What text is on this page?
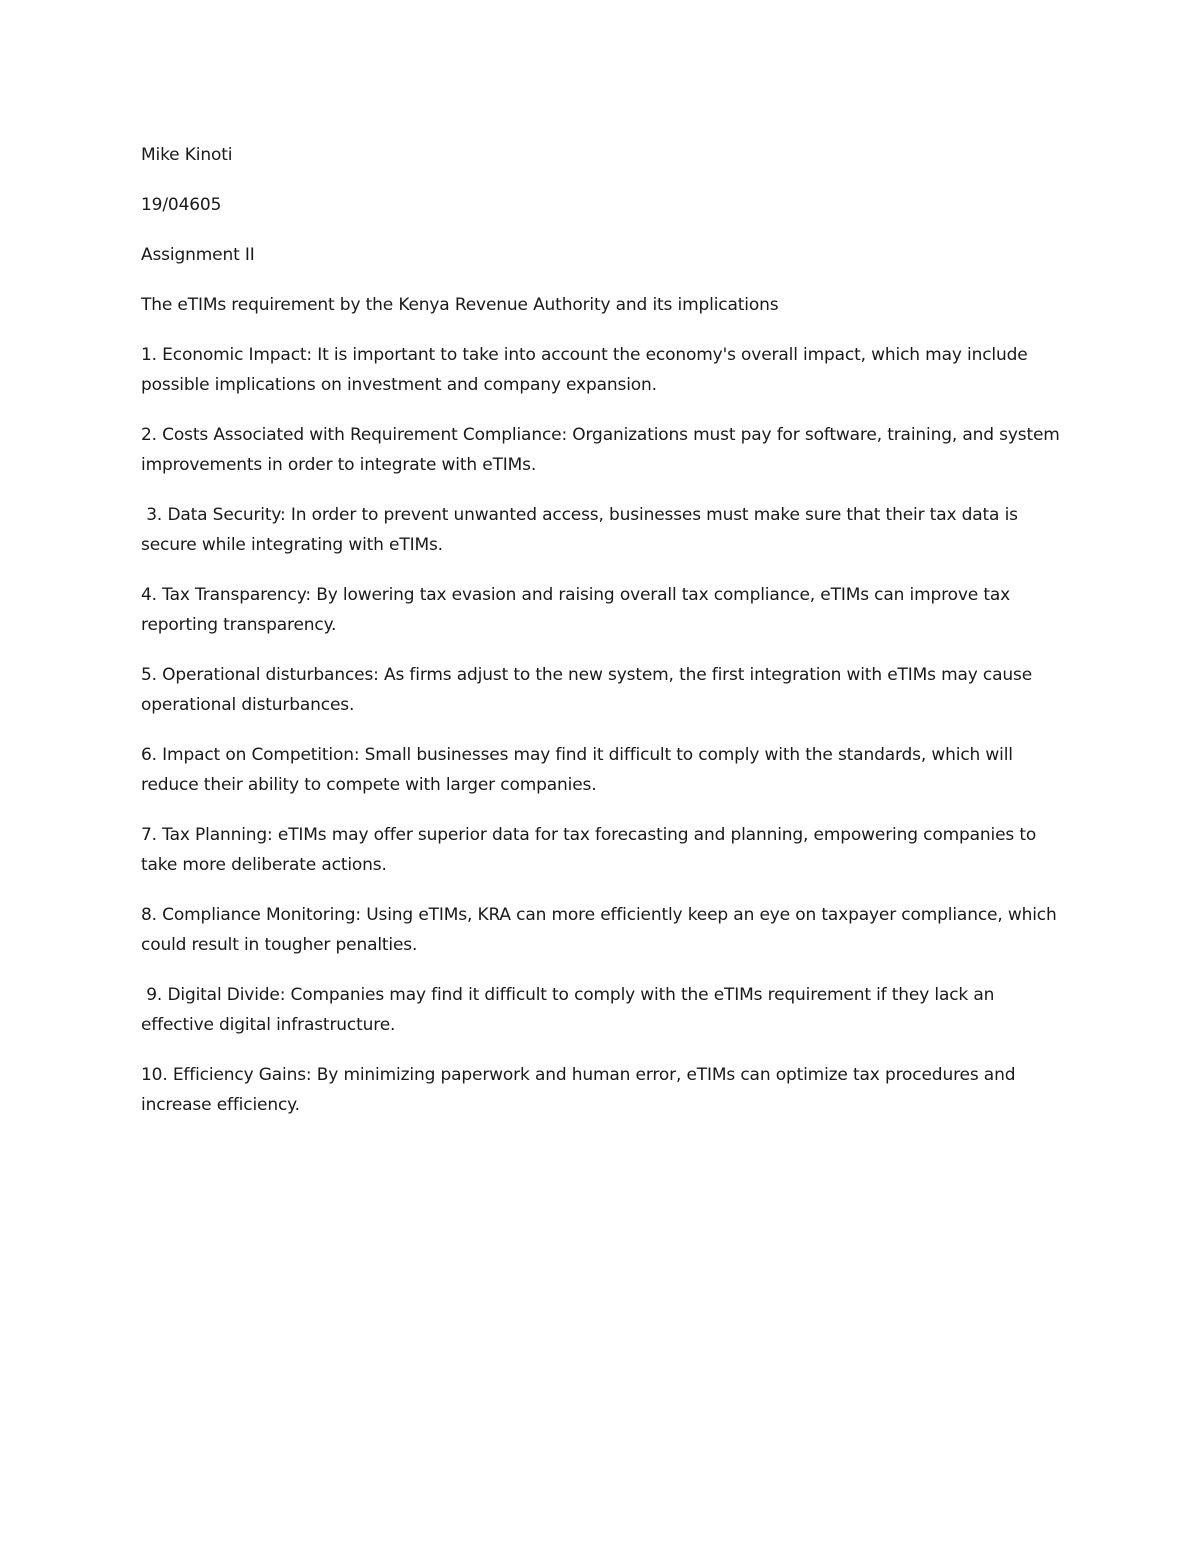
Mike Kinoti

19/04605

Assignment II

The eTIMs requirement by the Kenya Revenue Authority and its implications

1. Economic Impact: It is important to take into account the economy's overall impact, which may include possible implications on investment and company expansion.

2. Costs Associated with Requirement Compliance: Organizations must pay for software, training, and system improvements in order to integrate with eTIMs.

3. Data Security: In order to prevent unwanted access, businesses must make sure that their tax data is secure while integrating with eTIMs.

4. Tax Transparency: By lowering tax evasion and raising overall tax compliance, eTIMs can improve tax reporting transparency.

5. Operational disturbances: As firms adjust to the new system, the first integration with eTIMs may cause operational disturbances.

6. Impact on Competition: Small businesses may find it difficult to comply with the standards, which will reduce their ability to compete with larger companies.

7. Tax Planning: eTIMs may offer superior data for tax forecasting and planning, empowering companies to take more deliberate actions.

8. Compliance Monitoring: Using eTIMs, KRA can more efficiently keep an eye on taxpayer compliance, which could result in tougher penalties.

9. Digital Divide: Companies may find it difficult to comply with the eTIMs requirement if they lack an effective digital infrastructure.

10. Efficiency Gains: By minimizing paperwork and human error, eTIMs can optimize tax procedures and increase efficiency.
